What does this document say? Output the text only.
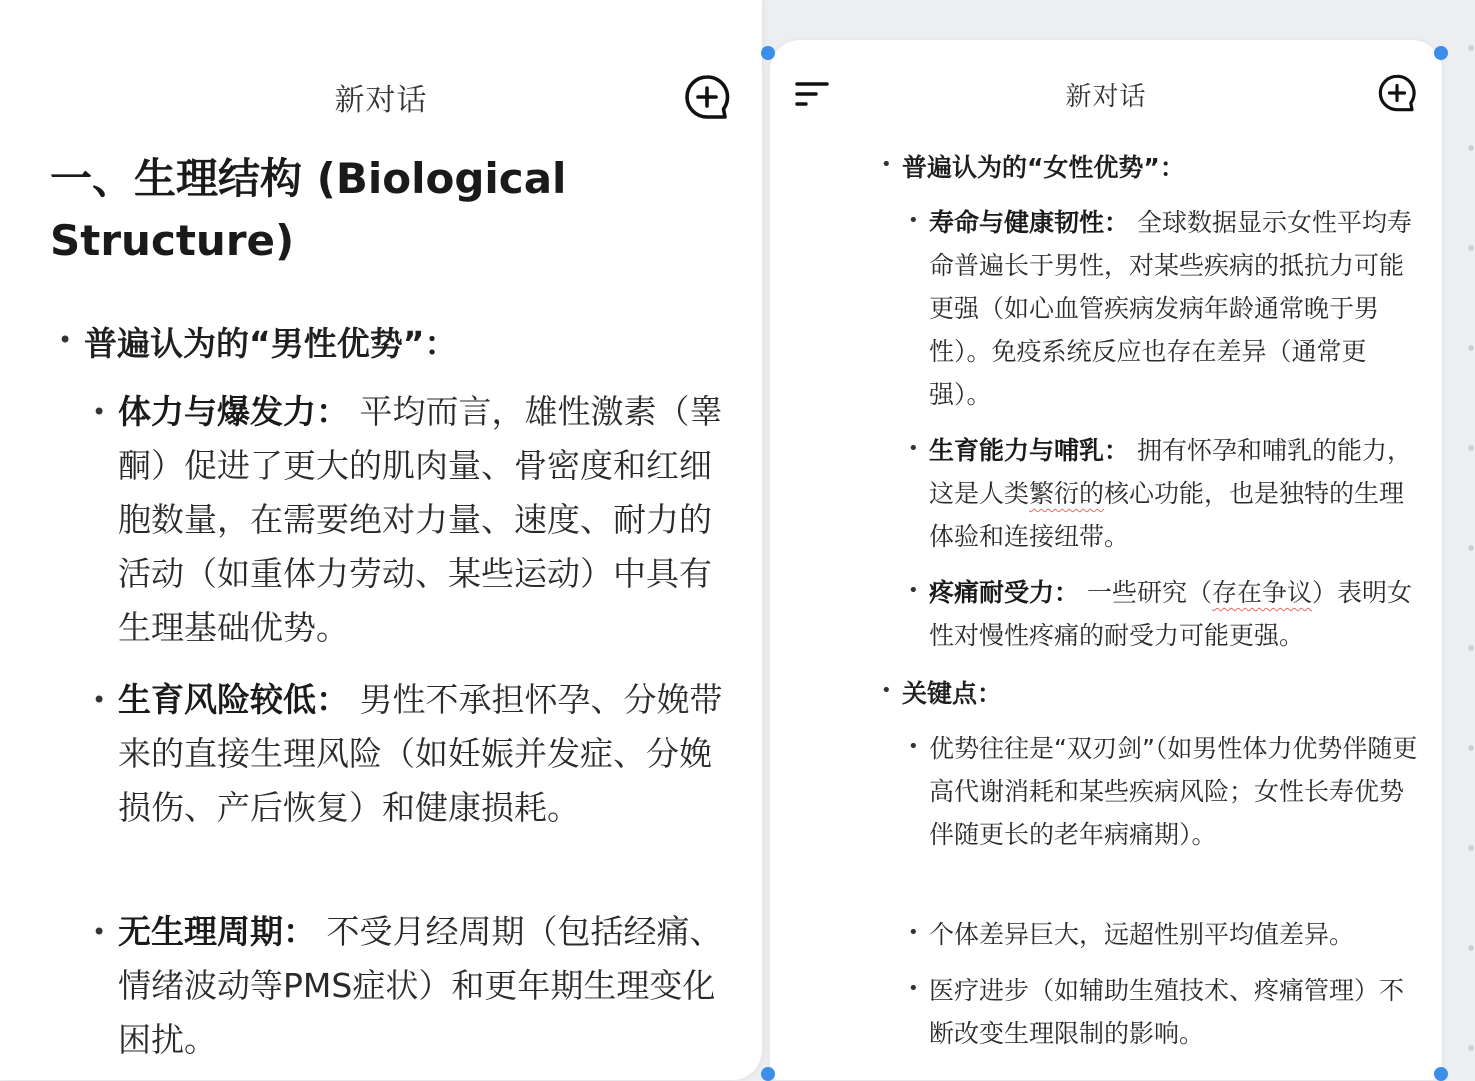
新对话
一、生理结构 (Biological Structure)
• 普遍认为的“男性优势”：
• 体力与爆发力： 平均而言，雄性激素（睾酮）促进了更大的肌肉量、骨密度和红细胞数量，在需要绝对力量、速度、耐力的活动（如重体力劳动、某些运动）中具有生理基础优势。
• 生育风险较低： 男性不承担怀孕、分娩带来的直接生理风险（如妊娠并发症、分娩损伤、产后恢复）和健康损耗。
• 无生理周期： 不受月经周期（包括经痛、情绪波动等PMS症状）和更年期生理变化困扰。
新对话
• 普遍认为的“女性优势”：
• 寿命与健康韧性： 全球数据显示女性平均寿命普遍长于男性，对某些疾病的抵抗力可能更强（如心血管疾病发病年龄通常晚于男性）。免疫系统反应也存在差异（通常更强）。
• 生育能力与哺乳： 拥有怀孕和哺乳的能力，这是人类繁衍的核心功能，也是独特的生理体验和连接纽带。
• 疼痛耐受力： 一些研究（存在争议）表明女性对慢性疼痛的耐受力可能更强。
• 关键点：
• 优势往往是“双刃剑”（如男性体力优势伴随更高代谢消耗和某些疾病风险；女性长寿优势伴随更长的老年病痛期）。
• 个体差异巨大，远超性别平均值差异。
• 医疗进步（如辅助生殖技术、疼痛管理）不断改变生理限制的影响。
